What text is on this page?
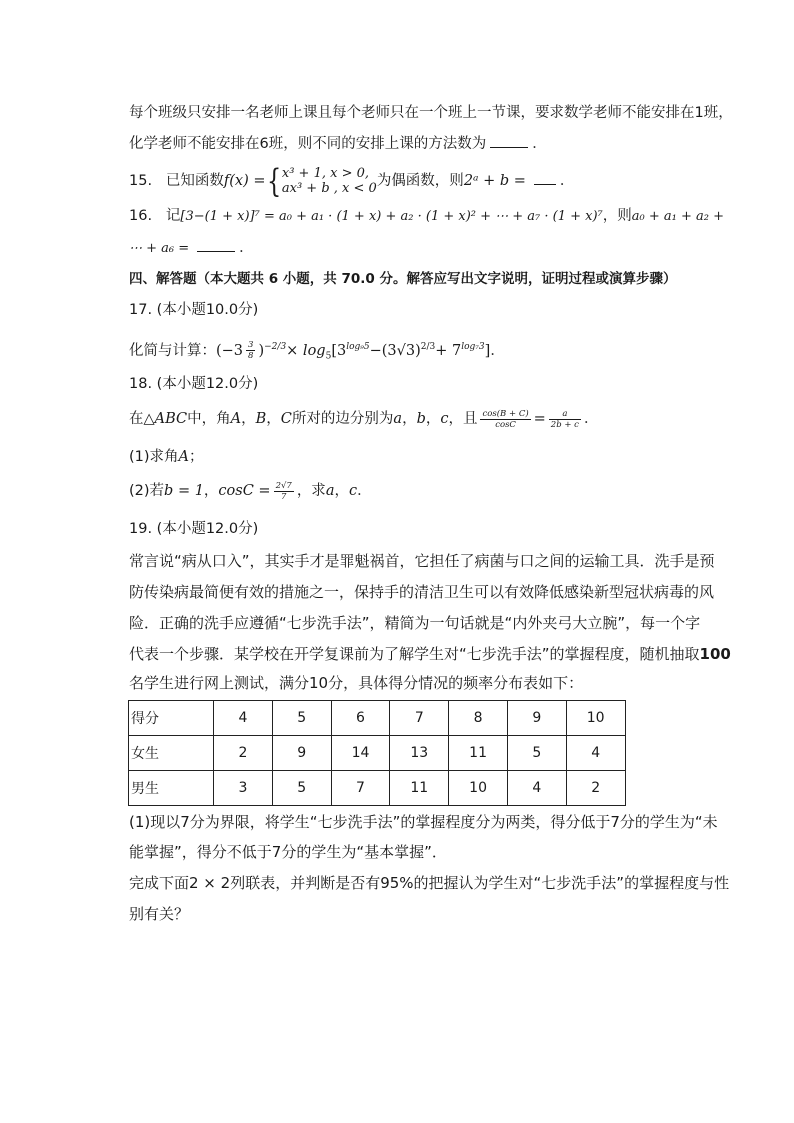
每个班级只安排一名老师上课且每个老师只在一个班上一节课，要求数学老师不能安排在1班，
化学老师不能安排在6班，则不同的安排上课的方法数为	．
15. 已知函数f(x) ={ x³ + 1, x > 0,
ax³ + b , x < 0 为偶函数，则2ᵃ + b = ．
16. 记[3−(1 + x)]⁷ = a₀ + a₁ · (1 + x) + a₂ · (1 + x)² + ⋯ + a₇ · (1 + x)⁷，则a₀ + a₁ + a₂ +
⋯ + a₆ =	．
四、解答题（本大题共 6 小题，共 70.0 分。解答应写出文字说明，证明过程或演算步骤）
17. (本小题10.0分)
化简与计算：$(-3 \frac{3}{8} )^{-2/3}\times \log_5[3^{log_95}-(3√3)^{2/3}+ 7^{log_73}]$．
18. (本小题12.0分)
在△ABC中，角A，B，C所对的边分别为a，b，c，且 $\frac{\cos(B + C)}{\cos C} = \frac{a}{2b + c}$ ．
(1)求角A；
(2)若b = 1，$\cos C = \frac{2√7}{7}$ ，求a，c．
19. (本小题12.0分)
常言说“病从口入”，其实手才是罪魁祸首，它担任了病菌与口之间的运输工具．洗手是预
防传染病最简便有效的措施之一，保持手的清洁卫生可以有效降低感染新型冠状病毒的风
险．正确的洗手应遵循“七步洗手法”，精简为一句话就是“内外夹弓大立腕”，每一个字
代表一个步骤．某学校在开学复课前为了解学生对“七步洗手法”的掌握程度，随机抽取100
名学生进行网上测试，满分10分，具体得分情况的频率分布表如下：
得分	4	5	6	7	8	9	10
女生	2	9	14	13	11	5	4
男生	3	5	7	11	10	4	2
(1)现以7分为界限，将学生“七步洗手法”的掌握程度分为两类，得分低于7分的学生为“未
能掌握”，得分不低于7分的学生为“基本掌握”．
完成下面2 × 2列联表，并判断是否有95%的把握认为学生对“七步洗手法”的掌握程度与性
别有关？
